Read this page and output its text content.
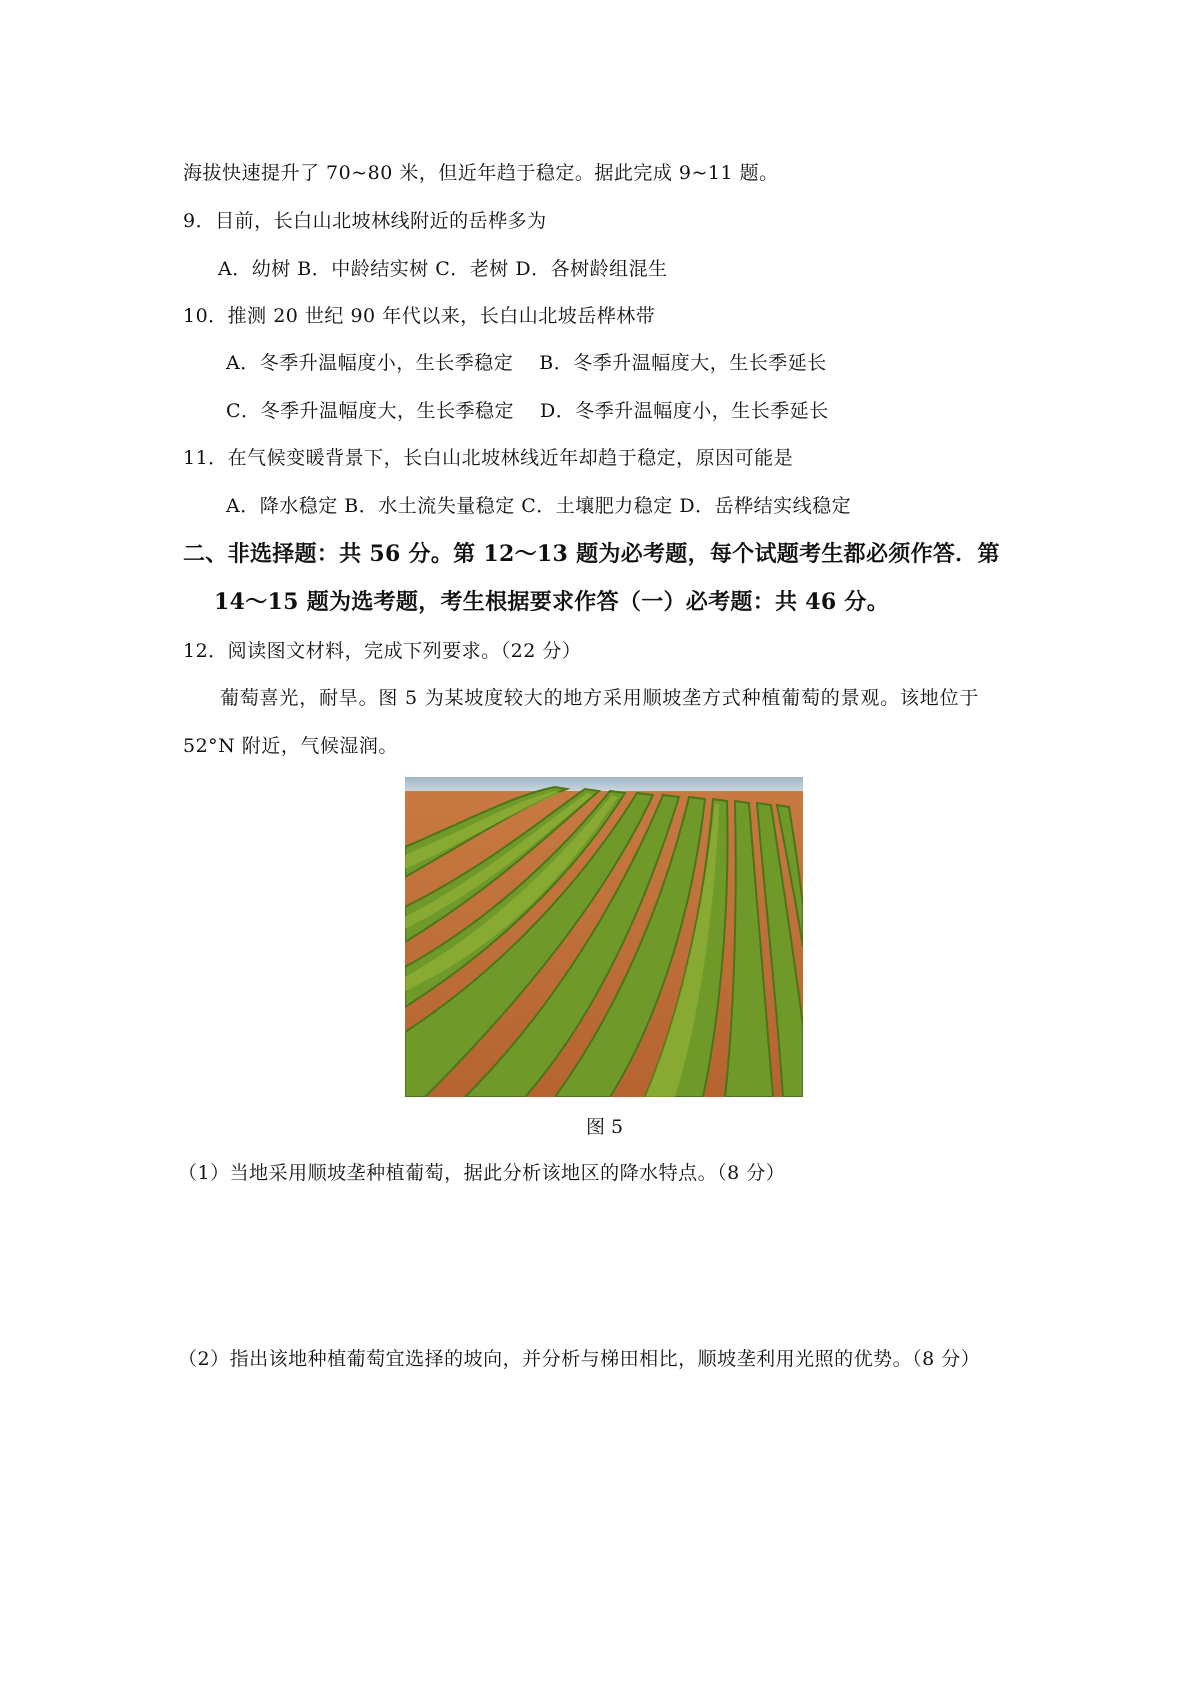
海拔快速提升了 70~80 米，但近年趋于稳定。据此完成 9~11 题。
9．目前，长白山北坡林线附近的岳桦多为
A．幼树 B．中龄结实树 C．老树 D．各树龄组混生
10．推测 20 世纪 90 年代以来，长白山北坡岳桦林带
A．冬季升温幅度小，生长季稳定 B．冬季升温幅度大，生长季延长
C．冬季升温幅度大，生长季稳定 D．冬季升温幅度小，生长季延长
11．在气候变暖背景下，长白山北坡林线近年却趋于稳定，原因可能是
A．降水稳定 B．水土流失量稳定 C．土壤肥力稳定 D．岳桦结实线稳定
二、非选择题：共 56 分。第 12～13 题为必考题，每个试题考生都必须作答．第
14～15 题为选考题，考生根据要求作答（一）必考题：共 46 分。
12．阅读图文材料，完成下列要求。（22 分）
葡萄喜光，耐旱。图 5 为某坡度较大的地方采用顺坡垄方式种植葡萄的景观。该地位于
52°N 附近，气候湿润。
图 5
（1）当地采用顺坡垄种植葡萄，据此分析该地区的降水特点。（8 分）
（2）指出该地种植葡萄宜选择的坡向，并分析与梯田相比，顺坡垄利用光照的优势。（8 分）
